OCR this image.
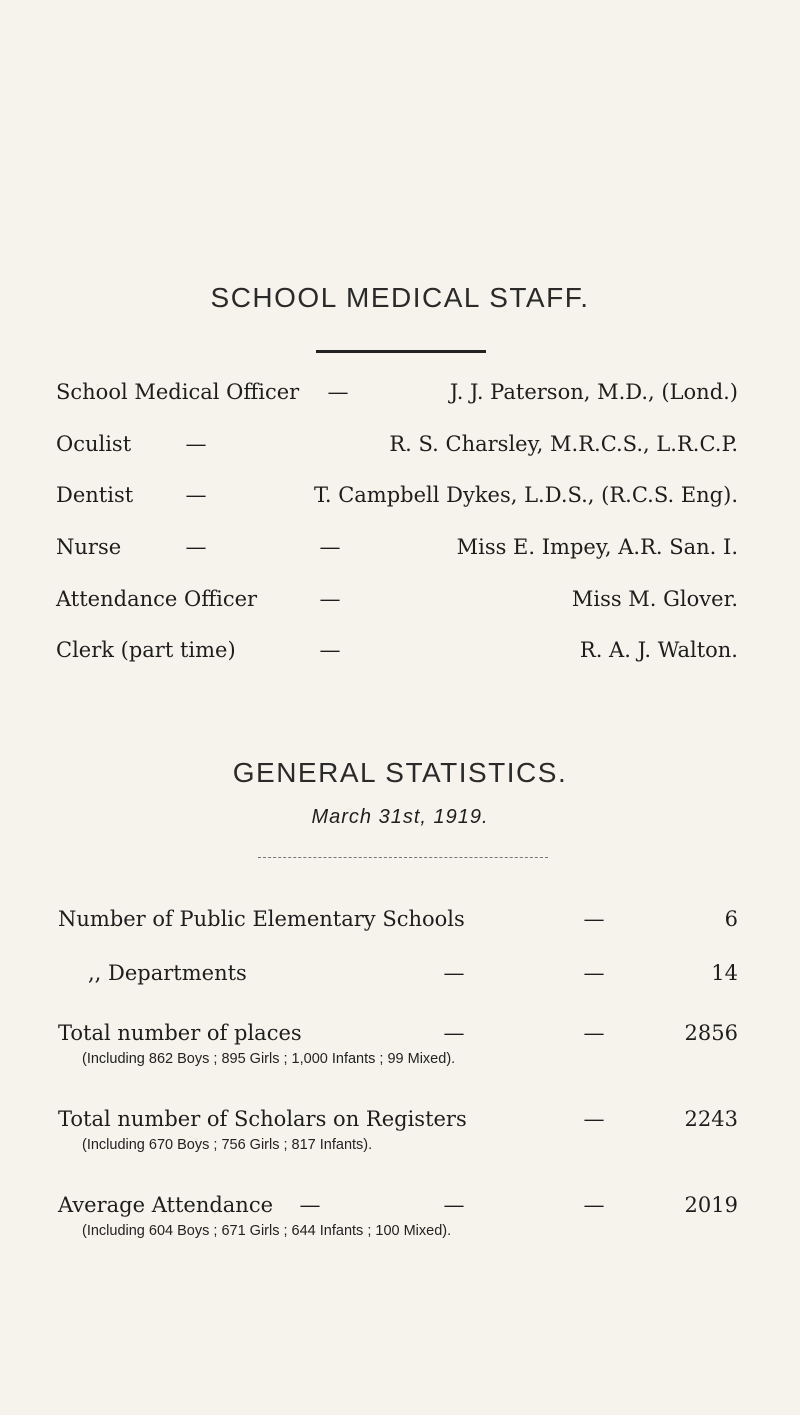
SCHOOL MEDICAL STAFF.
School Medical Officer —	J. J. Paterson, M.D., (Lond.)
Oculist	—	R. S. Charsley, M.R.C.S., L.R.C.P.
Dentist —	T. Campbell Dykes, L.D.S., (R.C.S. Eng).
Nurse	—	—	Miss E. Impey, A.R. San. I.
Attendance Officer	—	Miss M. Glover.
Clerk (part time)	—	R. A. J. Walton.
GENERAL STATISTICS.
March 31st, 1919.
Number of Public Elementary Schools	—	6
,, Departments	—	—	14
Total number of places	—	—	2856
(Including 862 Boys ; 895 Girls ; 1,000 Infants ; 99 Mixed).
Total number of Scholars on Registers	—	2243
(Including 670 Boys ; 756 Girls ; 817 Infants).
Average Attendance —	—	—	2019
(Including 604 Boys ; 671 Girls ; 644 Infants ; 100 Mixed).
